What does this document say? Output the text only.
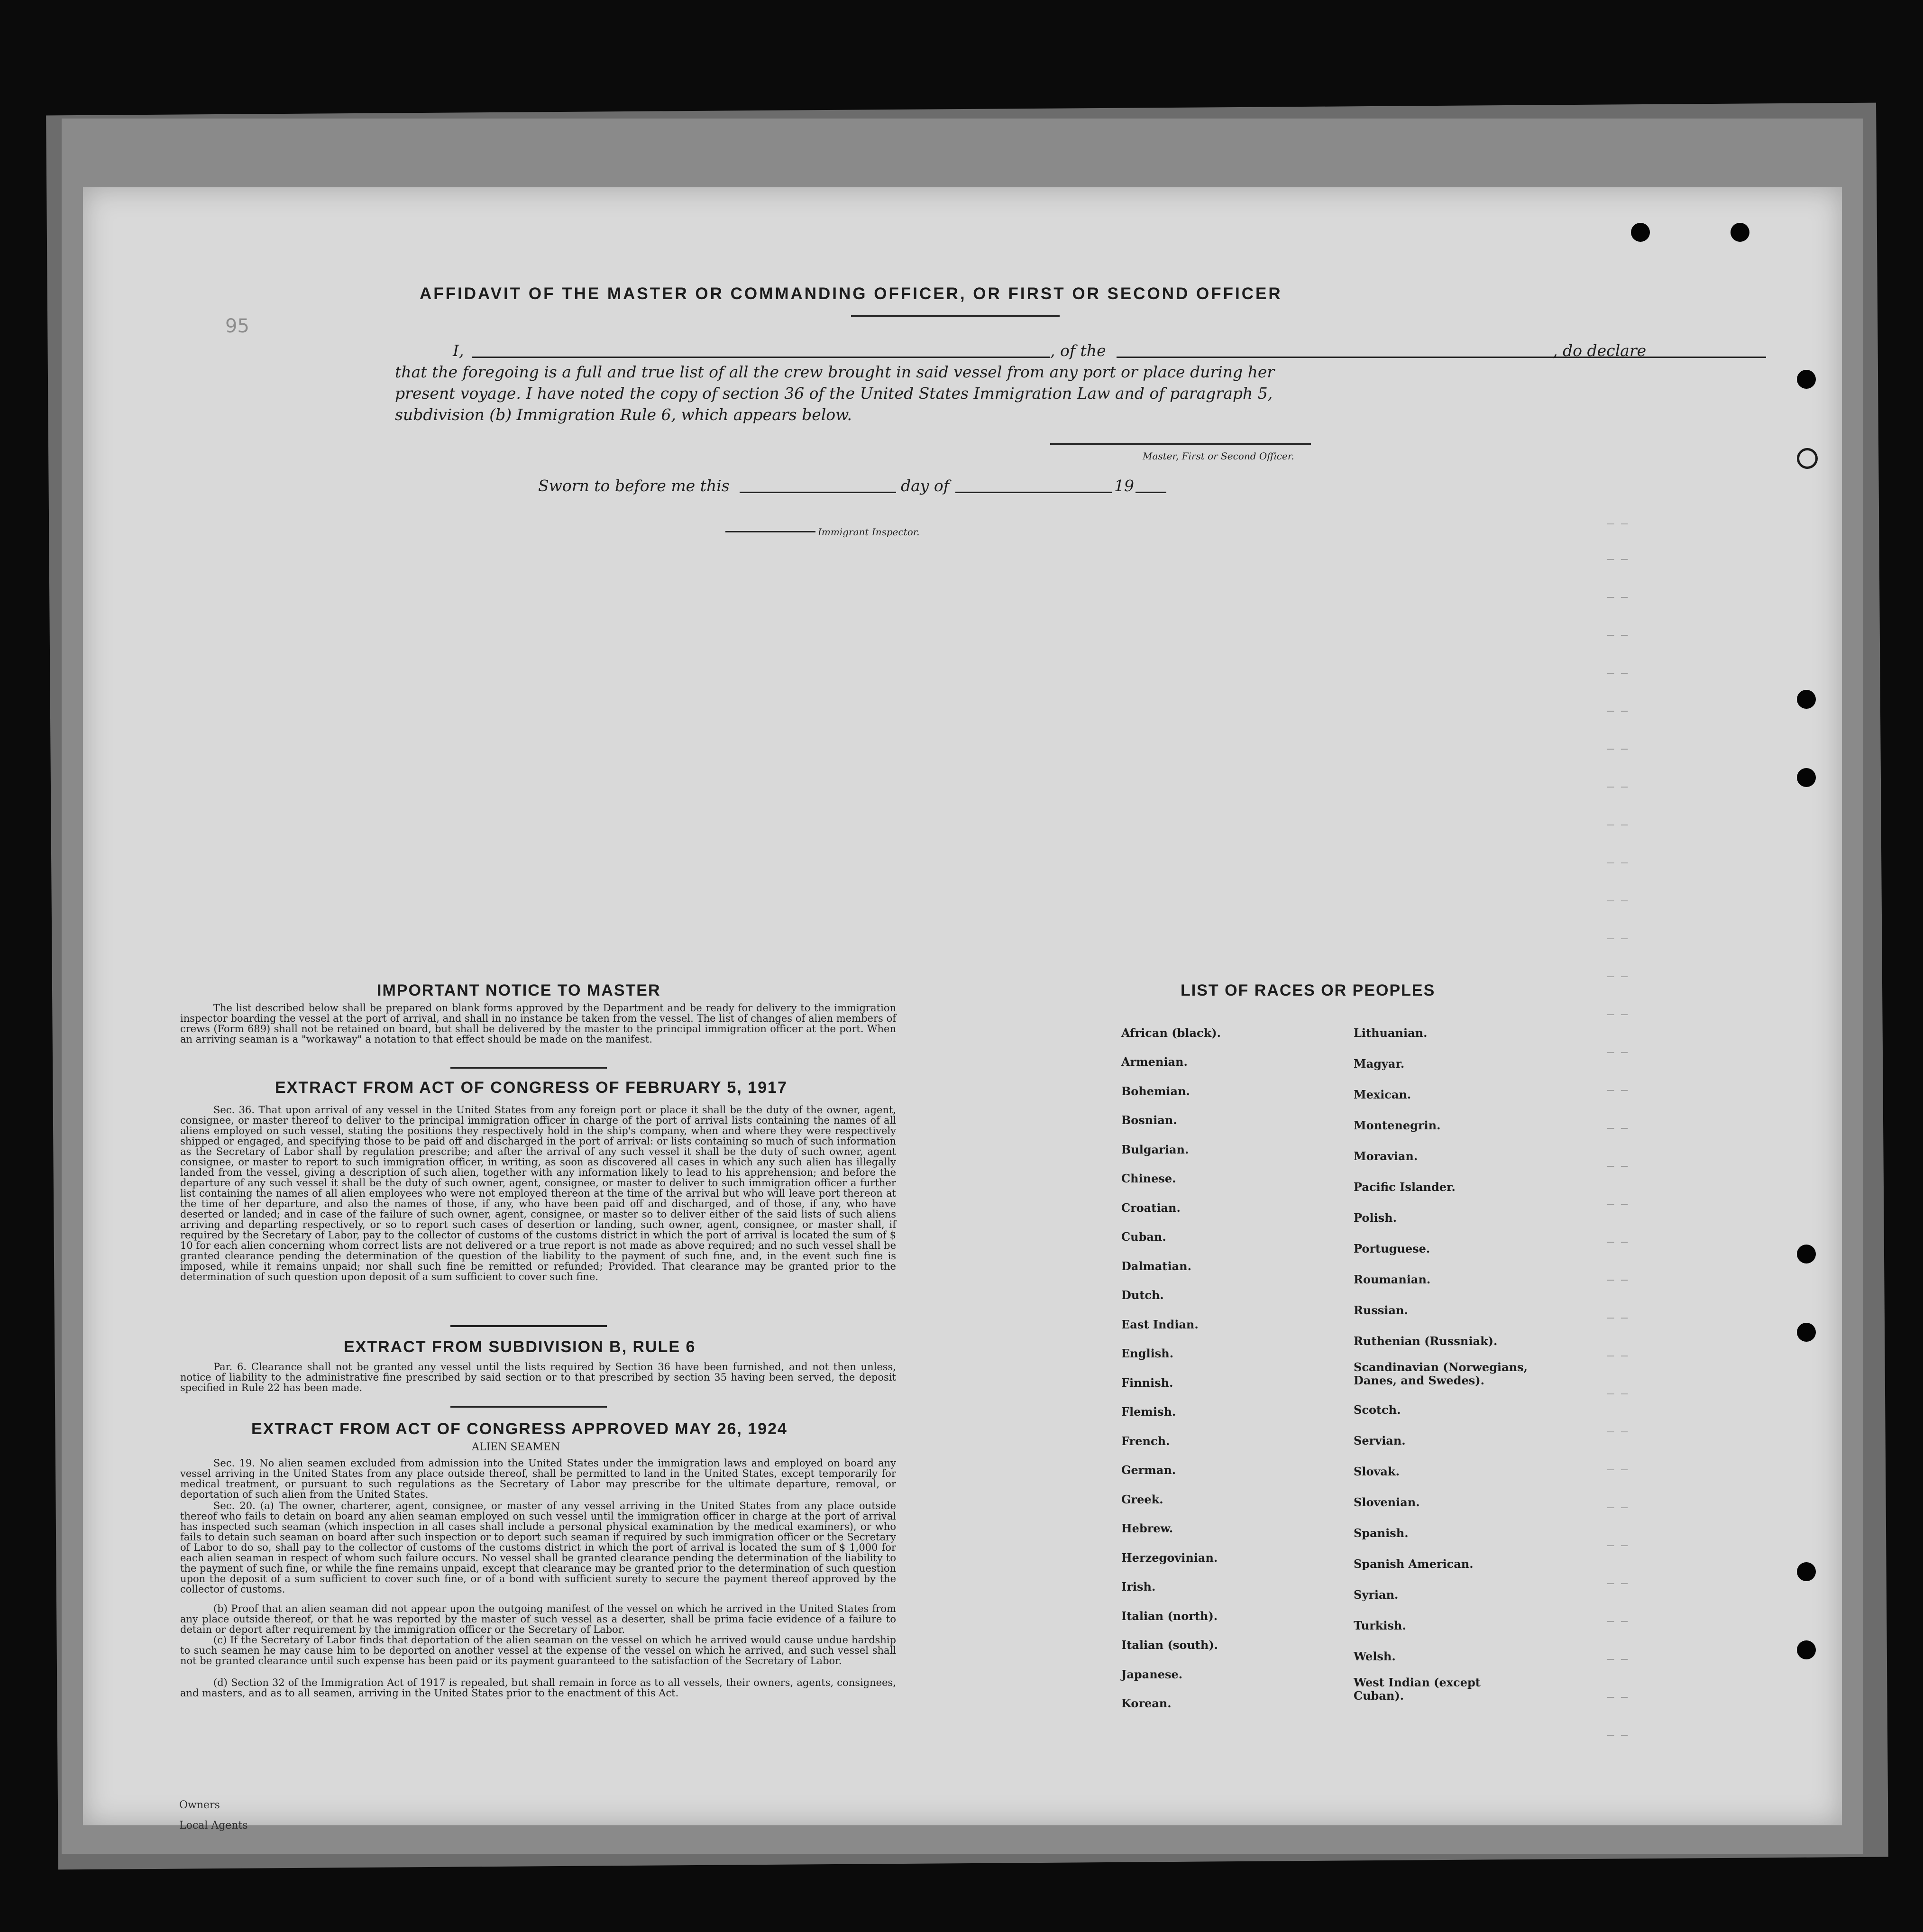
– –
– –
– –
– –
– –
– –
– –
– –
– –
– –
– –
– –
– –
– –
– –
– –
– –
– –
– –
– –
– –
– –
– –
– –
– –
– –
– –
– –
– –
– –
– –
– –
– –
95
AFFIDAVIT OF THE MASTER OR COMMANDING OFFICER, OR FIRST OR SECOND OFFICER
I,	, of the	, do declare
that the foregoing is a full and true list of all the crew brought in said vessel from any port or place during her
present voyage. I have noted the copy of section 36 of the United States Immigration Law and of paragraph 5,
subdivision (b) Immigration Rule 6, which appears below.
Master, First or Second Officer.
Sworn to before me this	day of	19
Immigrant Inspector.
IMPORTANT NOTICE TO MASTER
The list described below shall be prepared on blank forms approved by the Department and be ready for delivery to the immigration inspector boarding the vessel at the port of arrival, and shall in no instance be taken from the vessel. The list of changes of alien members of crews (Form 689) shall not be retained on board, but shall be delivered by the master to the principal immigration officer at the port. When an arriving seaman is a "workaway" a notation to that effect should be made on the manifest.
EXTRACT FROM ACT OF CONGRESS OF FEBRUARY 5, 1917
Sec. 36. That upon arrival of any vessel in the United States from any foreign port or place it shall be the duty of the owner, agent, consignee, or master thereof to deliver to the principal immigration officer in charge of the port of arrival lists containing the names of all aliens employed on such vessel, stating the positions they respectively hold in the ship's company, when and where they were respectively shipped or engaged, and specifying those to be paid off and discharged in the port of arrival: or lists containing so much of such information as the Secretary of Labor shall by regulation prescribe; and after the arrival of any such vessel it shall be the duty of such owner, agent consignee, or master to report to such immigration officer, in writing, as soon as discovered all cases in which any such alien has illegally landed from the vessel, giving a description of such alien, together with any information likely to lead to his apprehension; and before the departure of any such vessel it shall be the duty of such owner, agent, consignee, or master to deliver to such immigration officer a further list containing the names of all alien employees who were not employed thereon at the time of the arrival but who will leave port thereon at the time of her departure, and also the names of those, if any, who have been paid off and discharged, and of those, if any, who have deserted or landed; and in case of the failure of such owner, agent, consignee, or master so to deliver either of the said lists of such aliens arriving and departing respectively, or so to report such cases of desertion or landing, such owner, agent, consignee, or master shall, if required by the Secretary of Labor, pay to the collector of customs of the customs district in which the port of arrival is located the sum of $ 10 for each alien concerning whom correct lists are not delivered or a true report is not made as above required; and no such vessel shall be granted clearance pending the determination of the question of the liability to the payment of such fine, and, in the event such fine is imposed, while it remains unpaid; nor shall such fine be remitted or refunded; Provided. That clearance may be granted prior to the determination of such question upon deposit of a sum sufficient to cover such fine.
EXTRACT FROM SUBDIVISION B, RULE 6
Par. 6. Clearance shall not be granted any vessel until the lists required by Section 36 have been furnished, and not then unless, notice of liability to the administrative fine prescribed by said section or to that prescribed by section 35 having been served, the deposit specified in Rule 22 has been made.
EXTRACT FROM ACT OF CONGRESS APPROVED MAY 26, 1924
ALIEN SEAMEN
Sec. 19. No alien seamen excluded from admission into the United States under the immigration laws and employed on board any vessel arriving in the United States from any place outside thereof, shall be permitted to land in the United States, except temporarily for medical treatment, or pursuant to such regulations as the Secretary of Labor may prescribe for the ultimate departure, removal, or deportation of such alien from the United States.
Sec. 20. (a) The owner, charterer, agent, consignee, or master of any vessel arriving in the United States from any place outside thereof who fails to detain on board any alien seaman employed on such vessel until the immigration officer in charge at the port of arrival has inspected such seaman (which inspection in all cases shall include a personal physical examination by the medical examiners), or who fails to detain such seaman on board after such inspection or to deport such seaman if required by such immigration officer or the Secretary of Labor to do so, shall pay to the collector of customs of the customs district in which the port of arrival is located the sum of $ 1,000 for each alien seaman in respect of whom such failure occurs. No vessel shall be granted clearance pending the determination of the liability to the payment of such fine, or while the fine remains unpaid, except that clearance may be granted prior to the determination of such question upon the deposit of a sum sufficient to cover such fine, or of a bond with sufficient surety to secure the payment thereof approved by the collector of customs.
(b) Proof that an alien seaman did not appear upon the outgoing manifest of the vessel on which he arrived in the United States from any place outside thereof, or that he was reported by the master of such vessel as a deserter, shall be prima facie evidence of a failure to detain or deport after requirement by the immigration officer or the Secretary of Labor.
(c) If the Secretary of Labor finds that deportation of the alien seaman on the vessel on which he arrived would cause undue hardship to such seamen he may cause him to be deported on another vessel at the expense of the vessel on which he arrived, and such vessel shall not be granted clearance until such expense has been paid or its payment guaranteed to the satisfaction of the Secretary of Labor.
(d) Section 32 of the Immigration Act of 1917 is repealed, but shall remain in force as to all vessels, their owners, agents, consignees, and masters, and as to all seamen, arriving in the United States prior to the enactment of this Act.
LIST OF RACES OR PEOPLES
African (black).
Armenian.
Bohemian.
Bosnian.
Bulgarian.
Chinese.
Croatian.
Cuban.
Dalmatian.
Dutch.
East Indian.
English.
Finnish.
Flemish.
French.
German.
Greek.
Hebrew.
Herzegovinian.
Irish.
Italian (north).
Italian (south).
Japanese.
Korean.
Lithuanian.
Magyar.
Mexican.
Montenegrin.
Moravian.
Pacific Islander.
Polish.
Portuguese.
Roumanian.
Russian.
Ruthenian (Russniak).
Scandinavian (Norwegians, Danes, and Swedes).
Scotch.
Servian.
Slovak.
Slovenian.
Spanish.
Spanish American.
Syrian.
Turkish.
Welsh.
West Indian (except Cuban).
Owners
Local Agents
